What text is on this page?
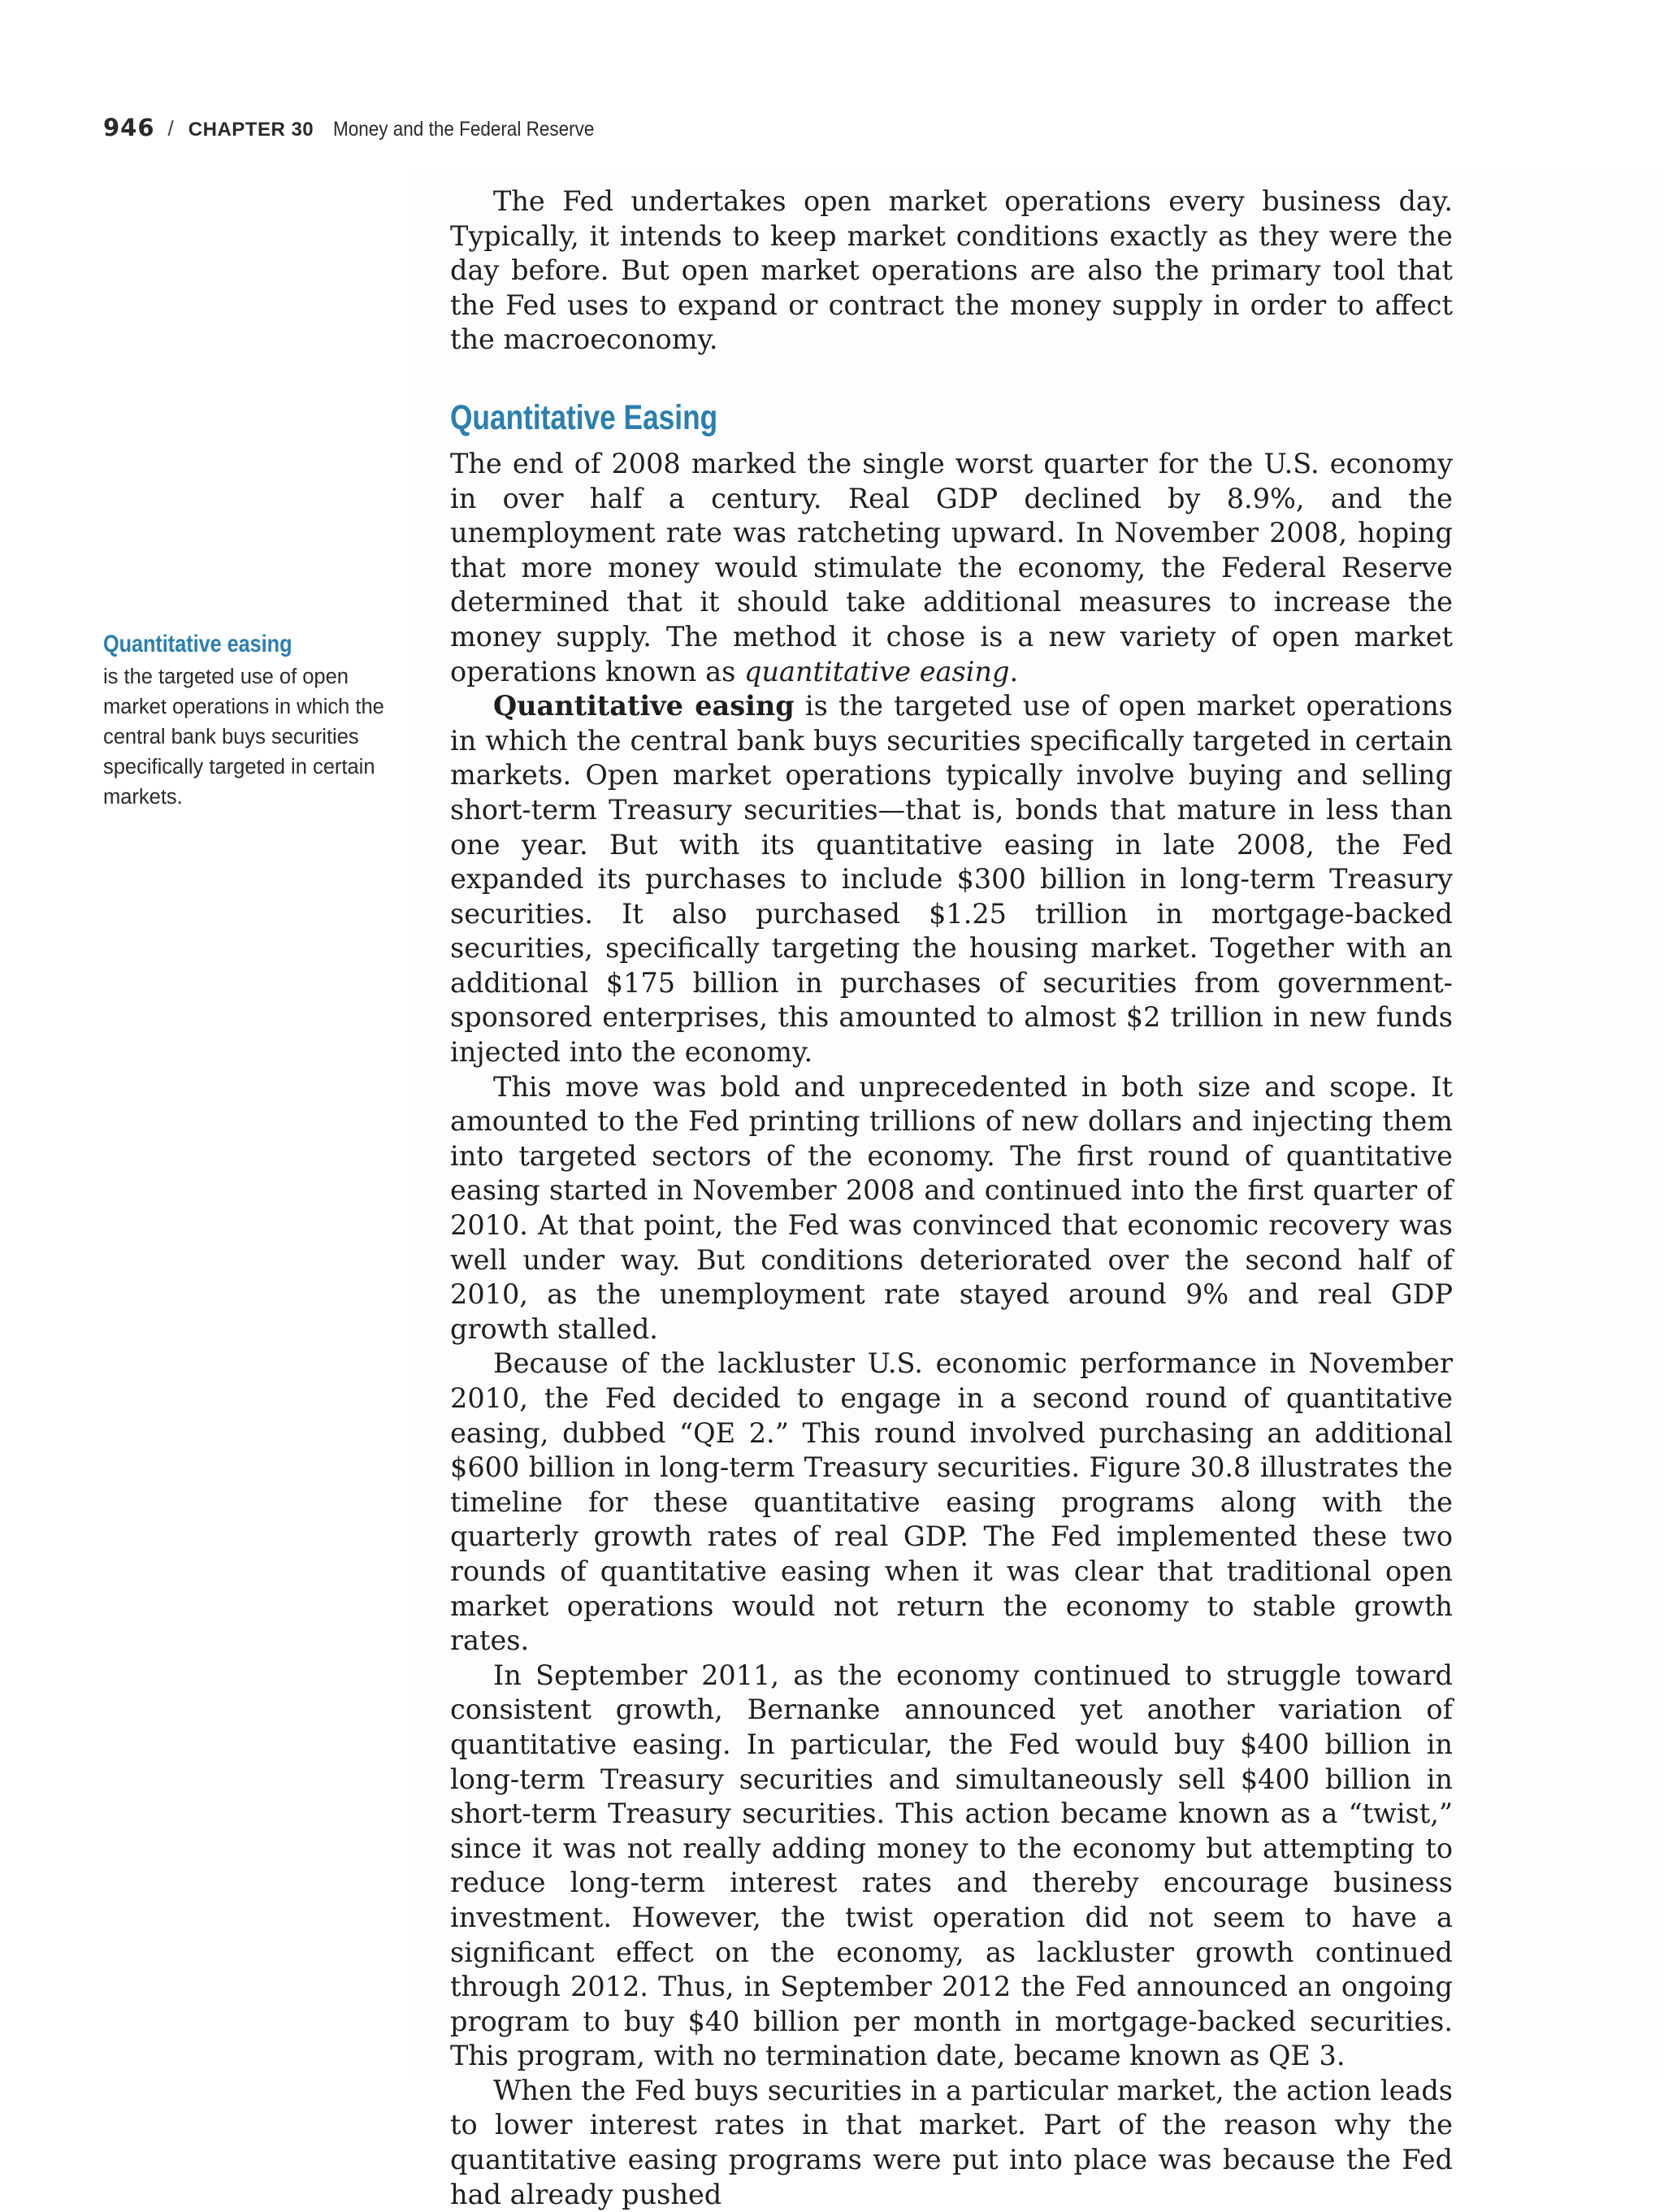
946 / CHAPTER 30 Money and the Federal Reserve

The Fed undertakes open market operations every business day. Typically, it intends to keep market conditions exactly as they were the day before. But open market operations are also the primary tool that the Fed uses to expand or contract the money supply in order to affect the macroeconomy.

Quantitative Easing

The end of 2008 marked the single worst quarter for the U.S. economy in over half a century. Real GDP declined by 8.9%, and the unemployment rate was ratcheting upward. In November 2008, hoping that more money would stimulate the economy, the Federal Reserve determined that it should take additional measures to increase the money supply. The method it chose is a new variety of open market operations known as quantitative easing.

Quantitative easing is the targeted use of open market operations in which the central bank buys securities specifically targeted in certain markets. Open market operations typically involve buying and selling short-term Treasury securities—that is, bonds that mature in less than one year. But with its quantitative easing in late 2008, the Fed expanded its purchases to include $300 billion in long-term Treasury securities. It also purchased $1.25 trillion in mortgage-backed securities, specifically targeting the housing market. Together with an additional $175 billion in purchases of securities from government-sponsored enterprises, this amounted to almost $2 trillion in new funds injected into the economy.

This move was bold and unprecedented in both size and scope. It amounted to the Fed printing trillions of new dollars and injecting them into targeted sectors of the economy. The first round of quantitative easing started in November 2008 and continued into the first quarter of 2010. At that point, the Fed was convinced that economic recovery was well under way. But conditions deteriorated over the second half of 2010, as the unemployment rate stayed around 9% and real GDP growth stalled.

Because of the lackluster U.S. economic performance in November 2010, the Fed decided to engage in a second round of quantitative easing, dubbed “QE 2.” This round involved purchasing an additional $600 billion in long-term Treasury securities. Figure 30.8 illustrates the timeline for these quantitative easing programs along with the quarterly growth rates of real GDP. The Fed implemented these two rounds of quantitative easing when it was clear that traditional open market operations would not return the economy to stable growth rates.

In September 2011, as the economy continued to struggle toward consistent growth, Bernanke announced yet another variation of quantitative easing. In particular, the Fed would buy $400 billion in long-term Treasury securities and simultaneously sell $400 billion in short-term Treasury securities. This action became known as a “twist,” since it was not really adding money to the economy but attempting to reduce long-term interest rates and thereby encourage business investment. However, the twist operation did not seem to have a significant effect on the economy, as lackluster growth continued through 2012. Thus, in September 2012 the Fed announced an ongoing program to buy $40 billion per month in mortgage-backed securities. This program, with no termination date, became known as QE 3.

When the Fed buys securities in a particular market, the action leads to lower interest rates in that market. Part of the reason why the quantitative easing programs were put into place was because the Fed had already pushed

Quantitative easing
is the targeted use of open market operations in which the central bank buys securities specifically targeted in certain markets.
